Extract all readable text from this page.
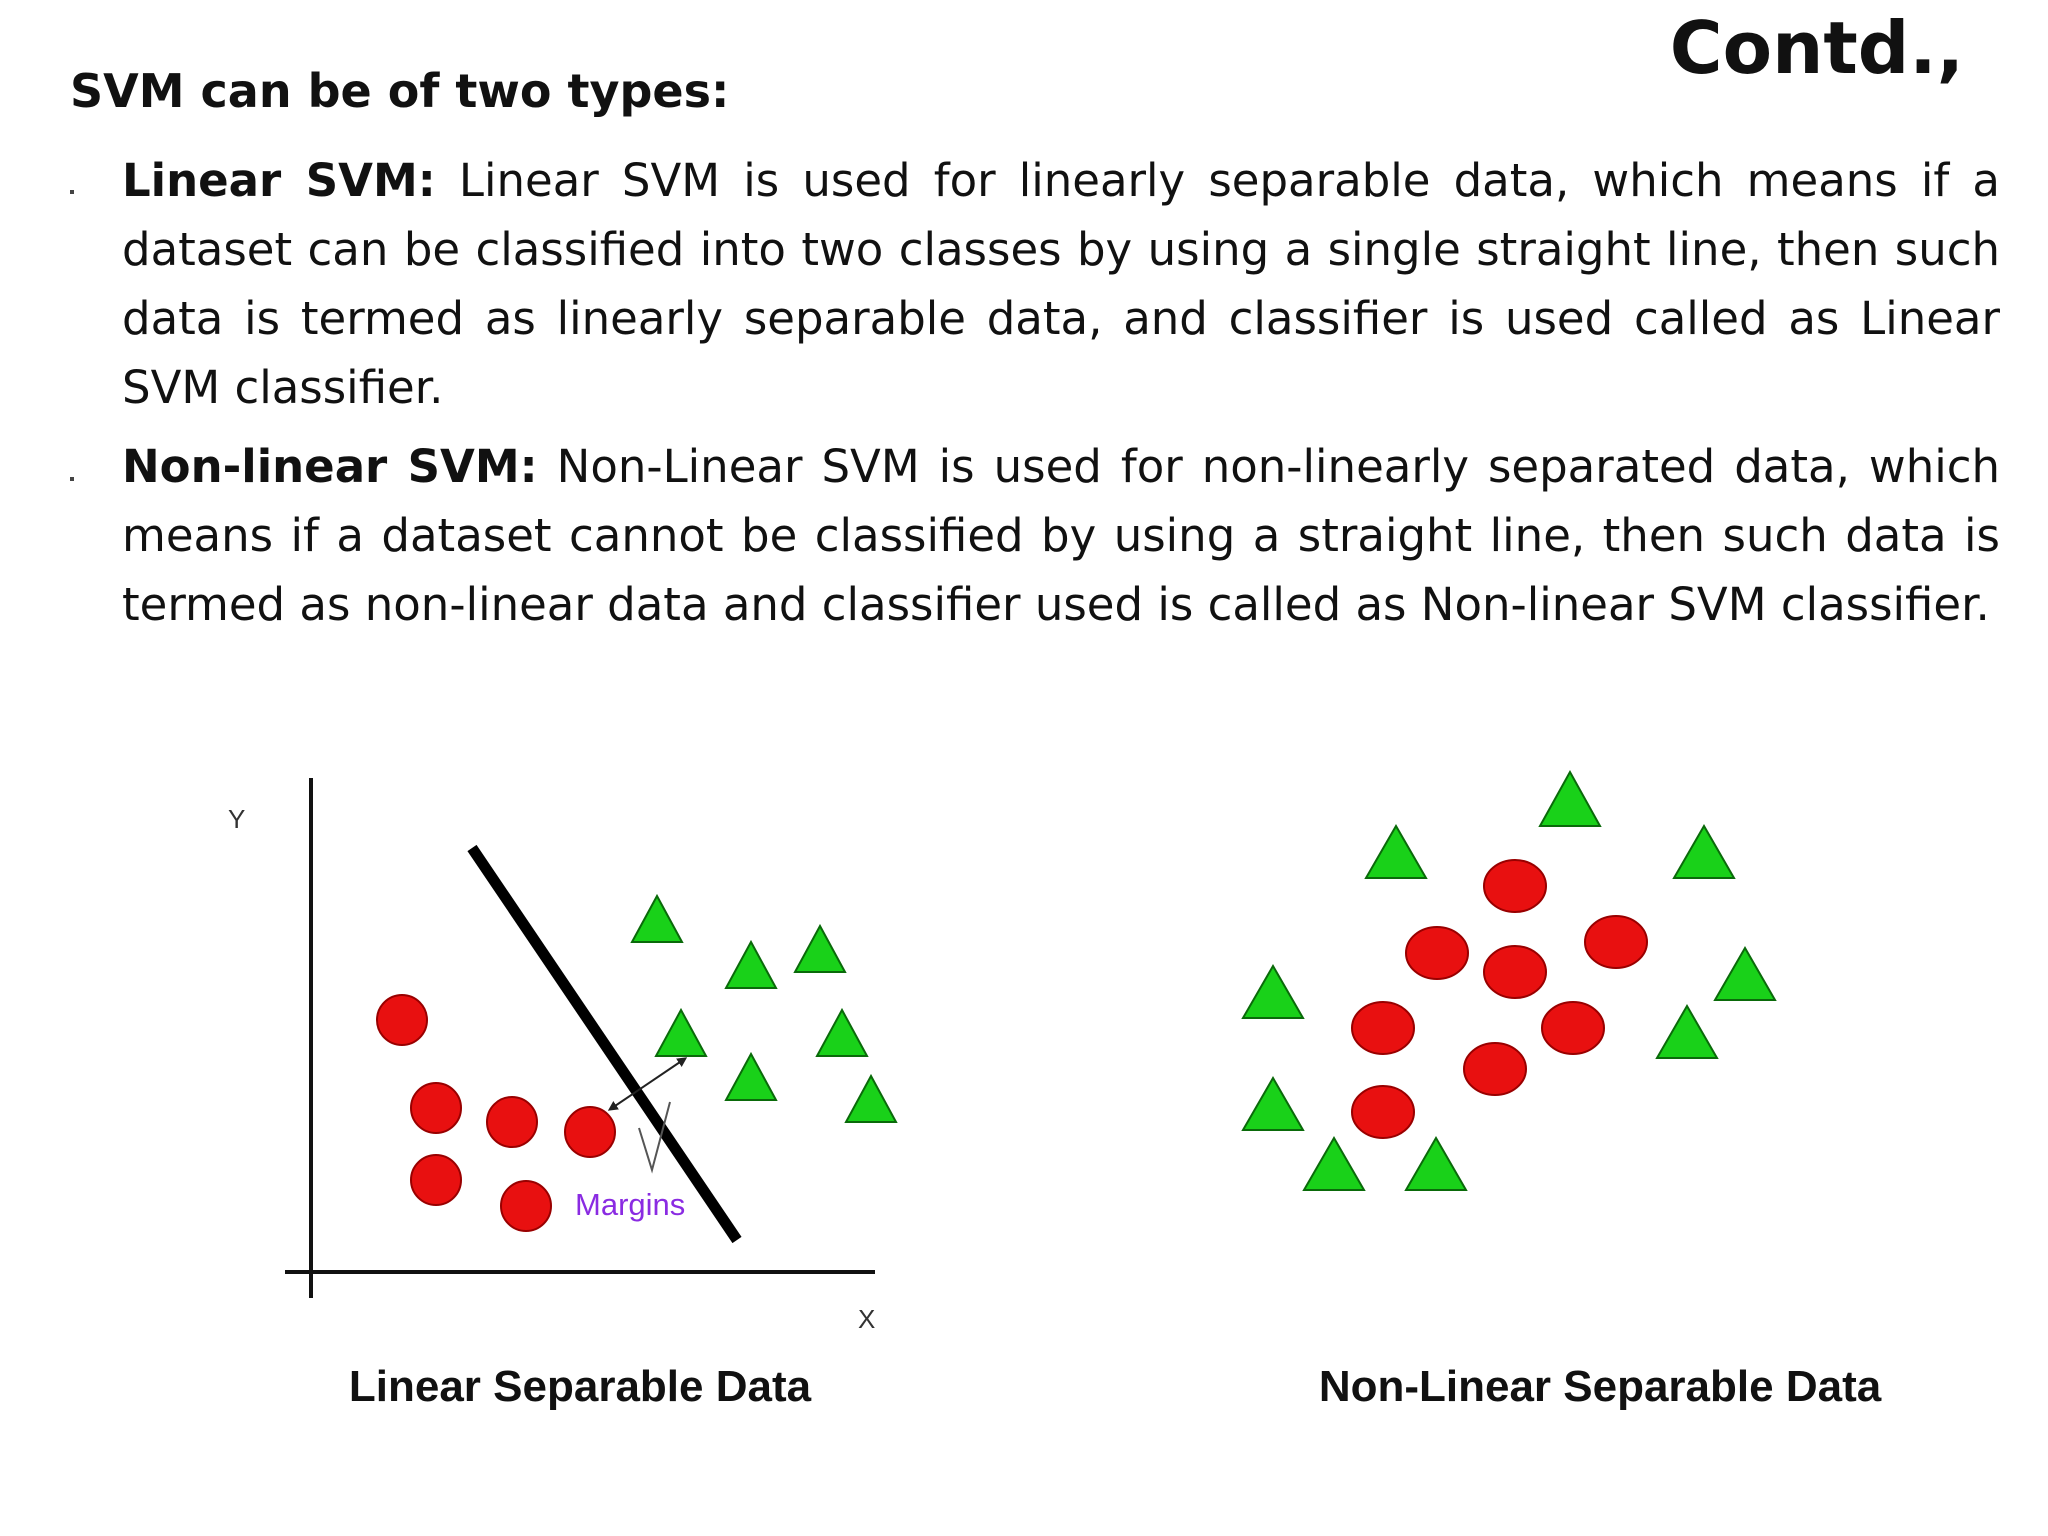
Contd.,

SVM can be of two types:

Linear SVM: Linear SVM is used for linearly separable data, which means if a dataset can be classified into two classes by using a single straight line, then such data is termed as linearly separable data, and classifier is used called as Linear SVM classifier.

Non-linear SVM: Non-Linear SVM is used for non-linearly separated data, which means if a dataset cannot be classified by using a straight line, then such data is termed as non-linear data and classifier used is called as Non-linear SVM classifier.

Y
X
Margins
Linear Separable Data	Non-Linear Separable Data
